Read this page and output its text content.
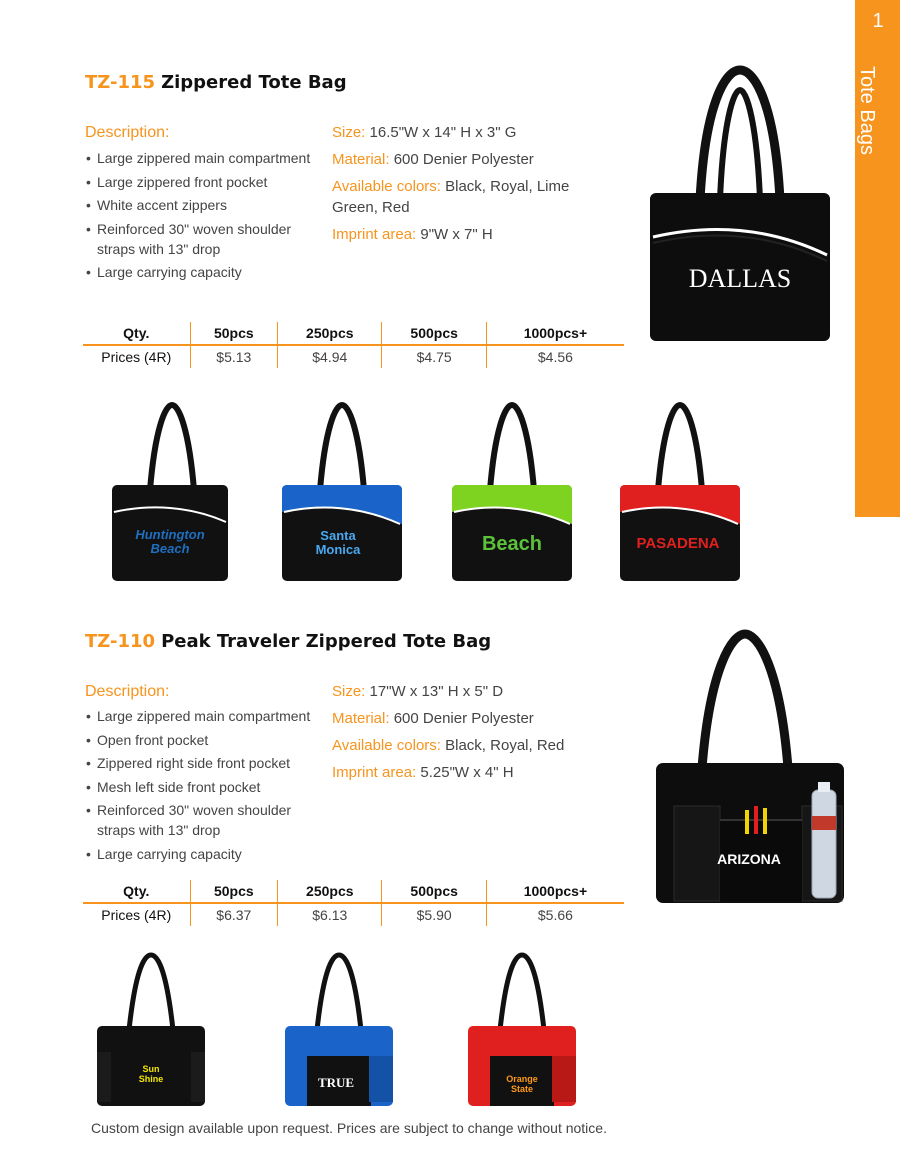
1
Tote Bags
TZ-115 Zippered Tote Bag
Description:
• Large zippered main compartment
• Large zippered front pocket
• White accent zippers
• Reinforced 30" woven shoulder straps with 13" drop
• Large carrying capacity
Size: 16.5"W x 14" H x 3" G
Material: 600 Denier Polyester
Available colors: Black, Royal, Lime Green, Red
Imprint area: 9"W x 7" H
Qty.	50pcs	250pcs	500pcs	1000pcs+
Prices (4R)	$5.13	$4.94	$4.75	$4.56
DALLAS
Huntington
Beach
Santa
Monica	Beach	PASADENA
TZ-110 Peak Traveler Zippered Tote Bag
Description:
• Large zippered main compartment
• Open front pocket
• Zippered right side front pocket
• Mesh left side front pocket
• Reinforced 30" woven shoulder straps with 13" drop
• Large carrying capacity
Size: 17"W x 13" H x 5" D
Material: 600 Denier Polyester
Available colors: Black, Royal, Red
Imprint area: 5.25"W x 4" H
Qty.	50pcs	250pcs	500pcs	1000pcs+
Prices (4R)	$6.37	$6.13	$5.90	$5.66
ARIZONA
Sun
Shine	TRUE	Orange
State
Custom design available upon request. Prices are subject to change without notice.
